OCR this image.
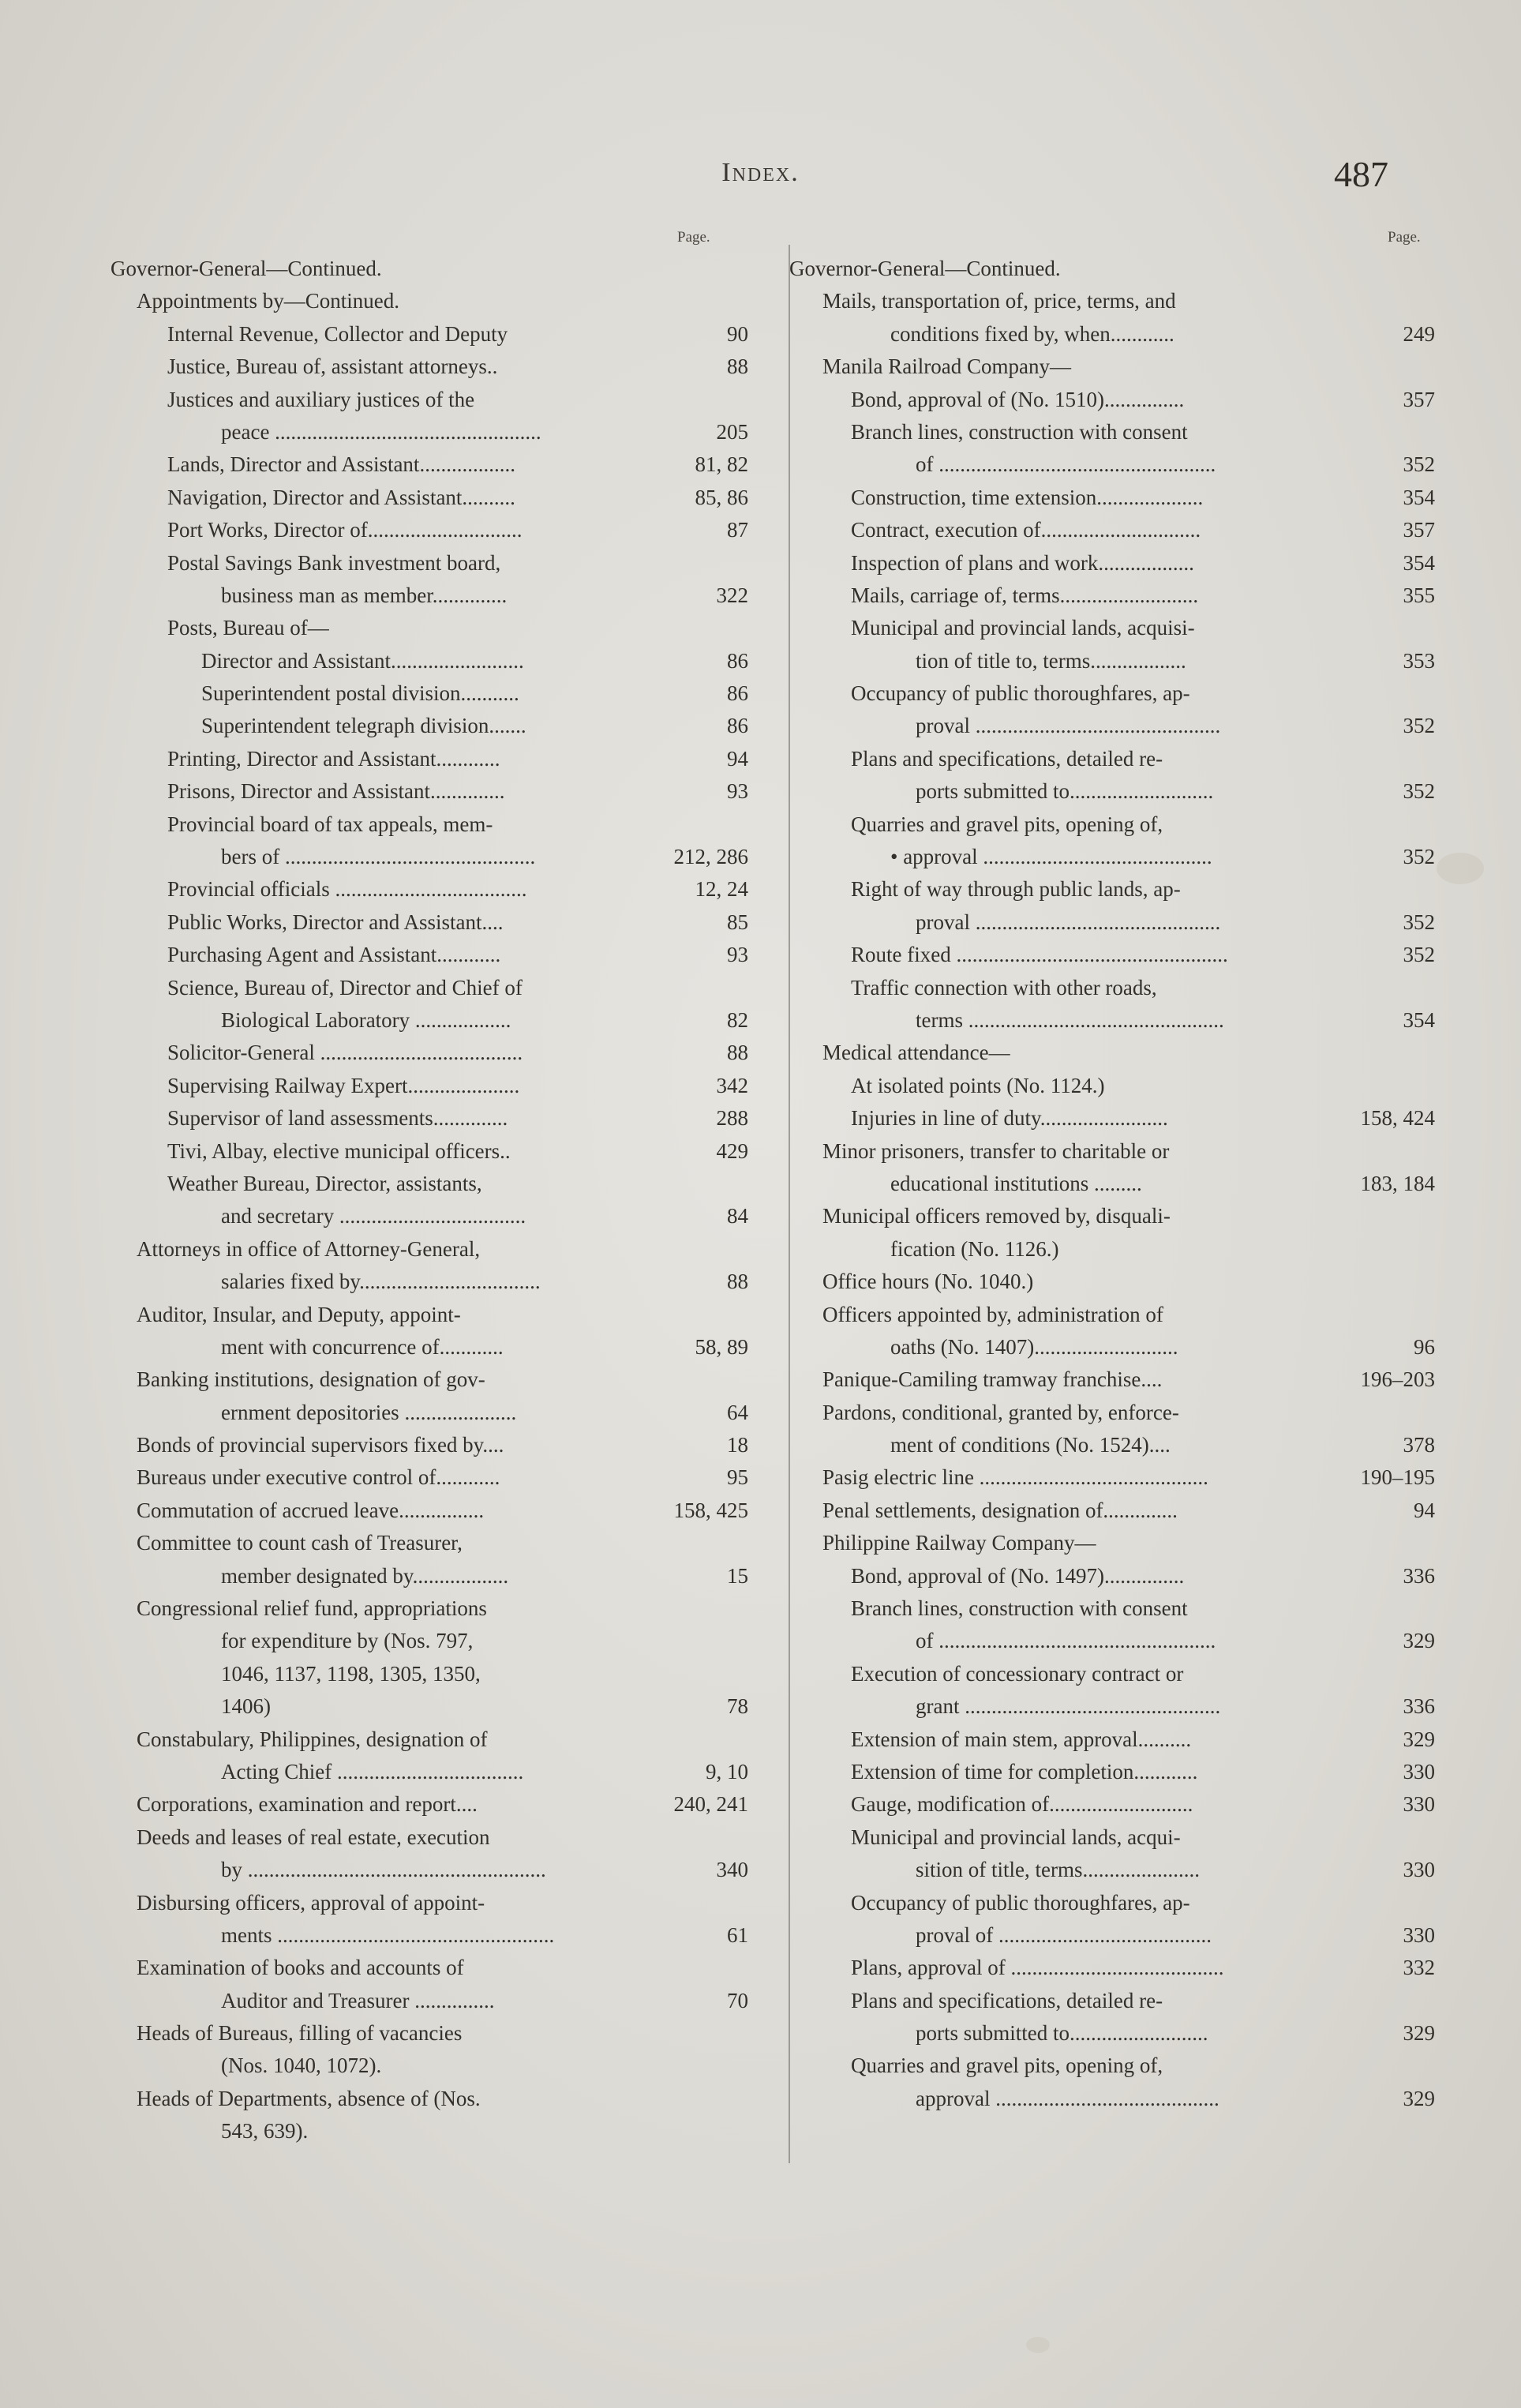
Index.	487
Page.	Page.
Governor-General—Continued.
Appointments by—Continued.
Internal Revenue, Collector and Deputy	90
Justice, Bureau of, assistant attorneys..	88
Justices and auxiliary justices of the
peace ..................................................	205
Lands, Director and Assistant..................	81, 82
Navigation, Director and Assistant..........	85, 86
Port Works, Director of.............................	87
Postal Savings Bank investment board,
business man as member..............	322
Posts, Bureau of—
Director and Assistant.........................	86
Superintendent postal division...........	86
Superintendent telegraph division.......	86
Printing, Director and Assistant............	94
Prisons, Director and Assistant..............	93
Provincial board of tax appeals, mem-
bers of ...............................................	212, 286
Provincial officials ....................................	12, 24
Public Works, Director and Assistant....	85
Purchasing Agent and Assistant............	93
Science, Bureau of, Director and Chief of
Biological Laboratory ..................	82
Solicitor-General ......................................	88
Supervising Railway Expert.....................	342
Supervisor of land assessments..............	288
Tivi, Albay, elective municipal officers..	429
Weather Bureau, Director, assistants,
and secretary ...................................	84
Attorneys in office of Attorney-General,
salaries fixed by..................................	88
Auditor, Insular, and Deputy, appoint-
ment with concurrence of............	58, 89
Banking institutions, designation of gov-
ernment depositories .....................	64
Bonds of provincial supervisors fixed by....	18
Bureaus under executive control of............	95
Commutation of accrued leave................	158, 425
Committee to count cash of Treasurer,
member designated by..................	15
Congressional relief fund, appropriations
for expenditure by (Nos. 797,
1046, 1137, 1198, 1305, 1350,
1406)	78
Constabulary, Philippines, designation of
Acting Chief ...................................	9, 10
Corporations, examination and report....	240, 241
Deeds and leases of real estate, execution
by ........................................................	340
Disbursing officers, approval of appoint-
ments ....................................................	61
Examination of books and accounts of
Auditor and Treasurer ...............	70
Heads of Bureaus, filling of vacancies
(Nos. 1040, 1072).
Heads of Departments, absence of (Nos.
543, 639).
Governor-General—Continued.
Mails, transportation of, price, terms, and
conditions fixed by, when............	249
Manila Railroad Company—
Bond, approval of (No. 1510)...............	357
Branch lines, construction with consent
of ....................................................	352
Construction, time extension....................	354
Contract, execution of..............................	357
Inspection of plans and work..................	354
Mails, carriage of, terms..........................	355
Municipal and provincial lands, acquisi-
tion of title to, terms..................	353
Occupancy of public thoroughfares, ap-
proval ..............................................	352
Plans and specifications, detailed re-
ports submitted to...........................	352
Quarries and gravel pits, opening of,
• approval ...........................................	352
Right of way through public lands, ap-
proval ..............................................	352
Route fixed ...................................................	352
Traffic connection with other roads,
terms ................................................	354
Medical attendance—
At isolated points (No. 1124.)
Injuries in line of duty........................	158, 424
Minor prisoners, transfer to charitable or
educational institutions .........	183, 184
Municipal officers removed by, disquali-
fication (No. 1126.)
Office hours (No. 1040.)
Officers appointed by, administration of
oaths (No. 1407)...........................	96
Panique-Camiling tramway franchise....	196–203
Pardons, conditional, granted by, enforce-
ment of conditions (No. 1524)....	378
Pasig electric line ...........................................	190–195
Penal settlements, designation of..............	94
Philippine Railway Company—
Bond, approval of (No. 1497)...............	336
Branch lines, construction with consent
of ....................................................	329
Execution of concessionary contract or
grant ................................................	336
Extension of main stem, approval..........	329
Extension of time for completion............	330
Gauge, modification of...........................	330
Municipal and provincial lands, acqui-
sition of title, terms......................	330
Occupancy of public thoroughfares, ap-
proval of ........................................	330
Plans, approval of ........................................	332
Plans and specifications, detailed re-
ports submitted to..........................	329
Quarries and gravel pits, opening of,
approval ..........................................	329
